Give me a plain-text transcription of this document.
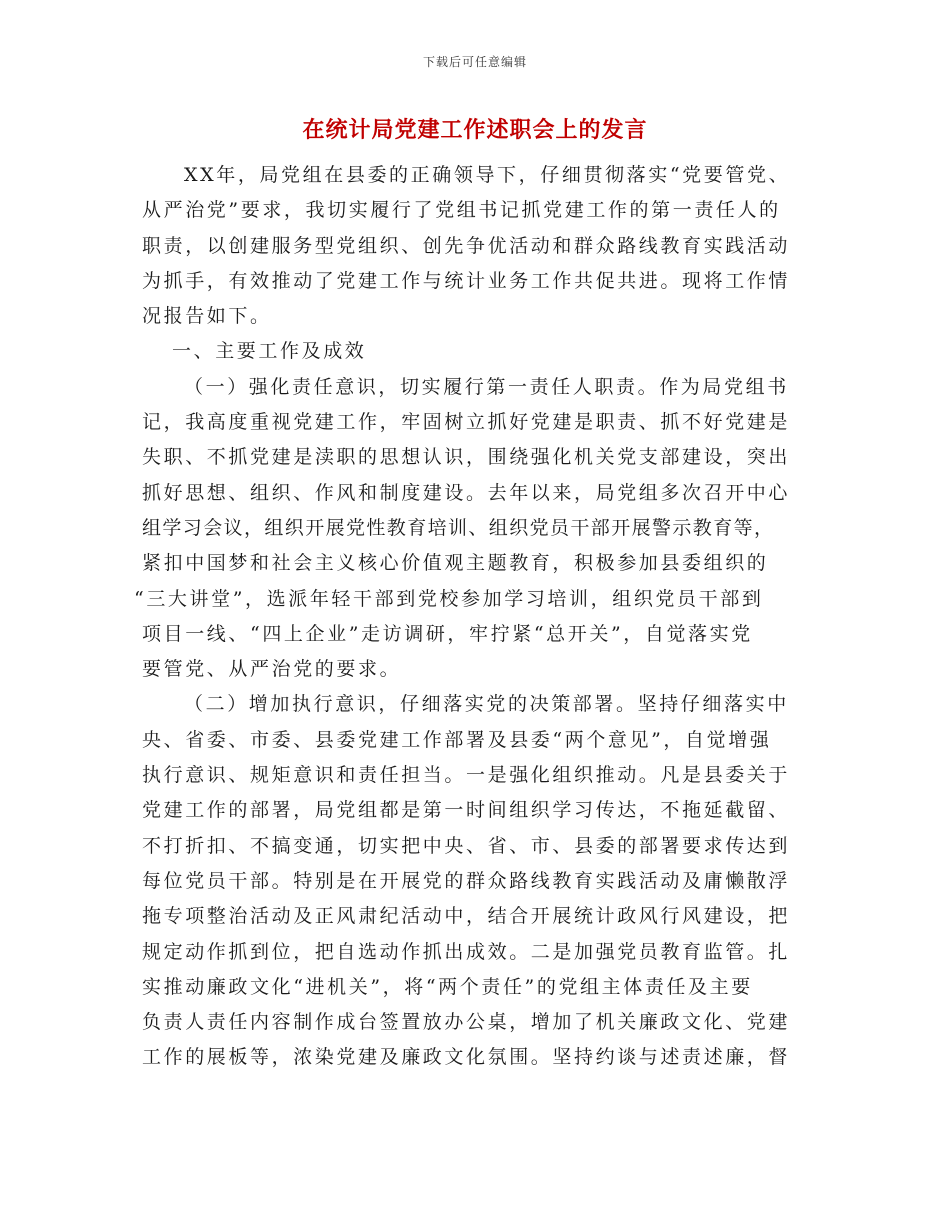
下载后可任意编辑
在统计局党建工作述职会上的发言
XX年，局党组在县委的正确领导下，仔细贯彻落实“党要管党、
从严治党”要求，我切实履行了党组书记抓党建工作的第一责任人的
职责，以创建服务型党组织、创先争优活动和群众路线教育实践活动
为抓手，有效推动了党建工作与统计业务工作共促共进。现将工作情
况报告如下。
一、主要工作及成效
（一）强化责任意识，切实履行第一责任人职责。作为局党组书
记，我高度重视党建工作，牢固树立抓好党建是职责、抓不好党建是
失职、不抓党建是渎职的思想认识，围绕强化机关党支部建设，突出
抓好思想、组织、作风和制度建设。去年以来，局党组多次召开中心
组学习会议，组织开展党性教育培训、组织党员干部开展警示教育等，
紧扣中国梦和社会主义核心价值观主题教育，积极参加县委组织的
“三大讲堂”，选派年轻干部到党校参加学习培训，组织党员干部到
项目一线、“四上企业”走访调研，牢拧紧“总开关”，自觉落实党
要管党、从严治党的要求。
（二）增加执行意识，仔细落实党的决策部署。坚持仔细落实中
央、省委、市委、县委党建工作部署及县委“两个意见”，自觉增强
执行意识、规矩意识和责任担当。一是强化组织推动。凡是县委关于
党建工作的部署，局党组都是第一时间组织学习传达，不拖延截留、
不打折扣、不搞变通，切实把中央、省、市、县委的部署要求传达到
每位党员干部。特别是在开展党的群众路线教育实践活动及庸懒散浮
拖专项整治活动及正风肃纪活动中，结合开展统计政风行风建设，把
规定动作抓到位，把自选动作抓出成效。二是加强党员教育监管。扎
实推动廉政文化“进机关”，将“两个责任”的党组主体责任及主要
负责人责任内容制作成台签置放办公桌，增加了机关廉政文化、党建
工作的展板等，浓染党建及廉政文化氛围。坚持约谈与述责述廉，督
